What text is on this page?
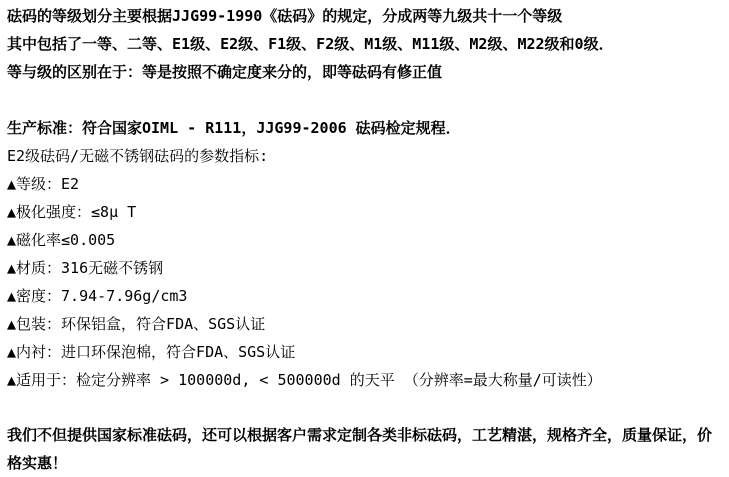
砝码的等级划分主要根据JJG99-1990《砝码》的规定，分成两等九级共十一个等级
其中包括了一等、二等、E1级、E2级、F1级、F2级、M1级、M11级、M2级、M22级和0级．
等与级的区别在于：等是按照不确定度来分的，即等砝码有修正值
生产标准：符合国家OIML - R111，JJG99-2006 砝码检定规程．
E2级砝码/无磁不锈钢砝码的参数指标:
▲等级：E2
▲极化强度：≤8μ T
▲磁化率≤0.005
▲材质：316无磁不锈钢
▲密度：7.94-7.96g/cm3
▲包装：环保铝盒，符合FDA、SGS认证
▲内衬：进口环保泡棉，符合FDA、SGS认证
▲适用于：检定分辨率 > 100000d, < 500000d 的天平 （分辨率=最大称量/可读性）
我们不但提供国家标准砝码，还可以根据客户需求定制各类非标砝码，工艺精湛，规格齐全，质量保证，价格实惠！
